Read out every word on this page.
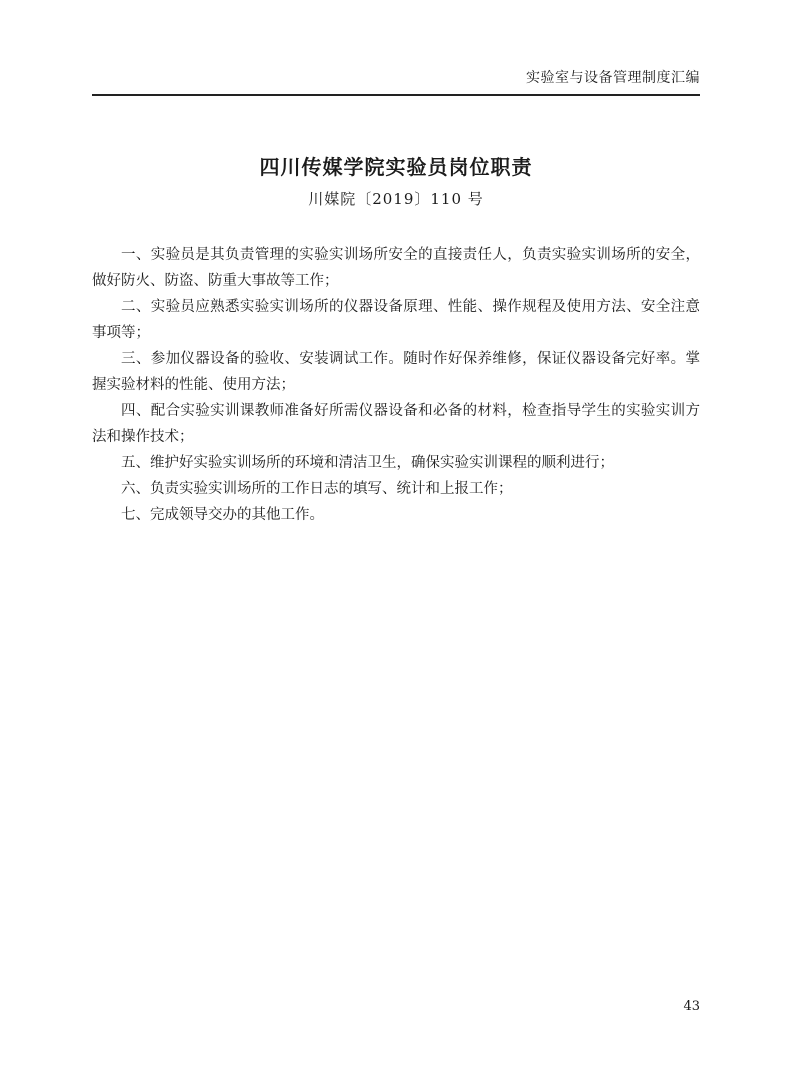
实验室与设备管理制度汇编
四川传媒学院实验员岗位职责
川媒院〔2019〕110 号

一、实验员是其负责管理的实验实训场所安全的直接责任人，负责实验实训场所的安全，做好防火、防盗、防重大事故等工作；

二、实验员应熟悉实验实训场所的仪器设备原理、性能、操作规程及使用方法、安全注意事项等；

三、参加仪器设备的验收、安装调试工作。随时作好保养维修，保证仪器设备完好率。掌握实验材料的性能、使用方法；

四、配合实验实训课教师准备好所需仪器设备和必备的材料，检查指导学生的实验实训方法和操作技术；

五、维护好实验实训场所的环境和清洁卫生，确保实验实训课程的顺利进行；

六、负责实验实训场所的工作日志的填写、统计和上报工作；

七、完成领导交办的其他工作。

43
